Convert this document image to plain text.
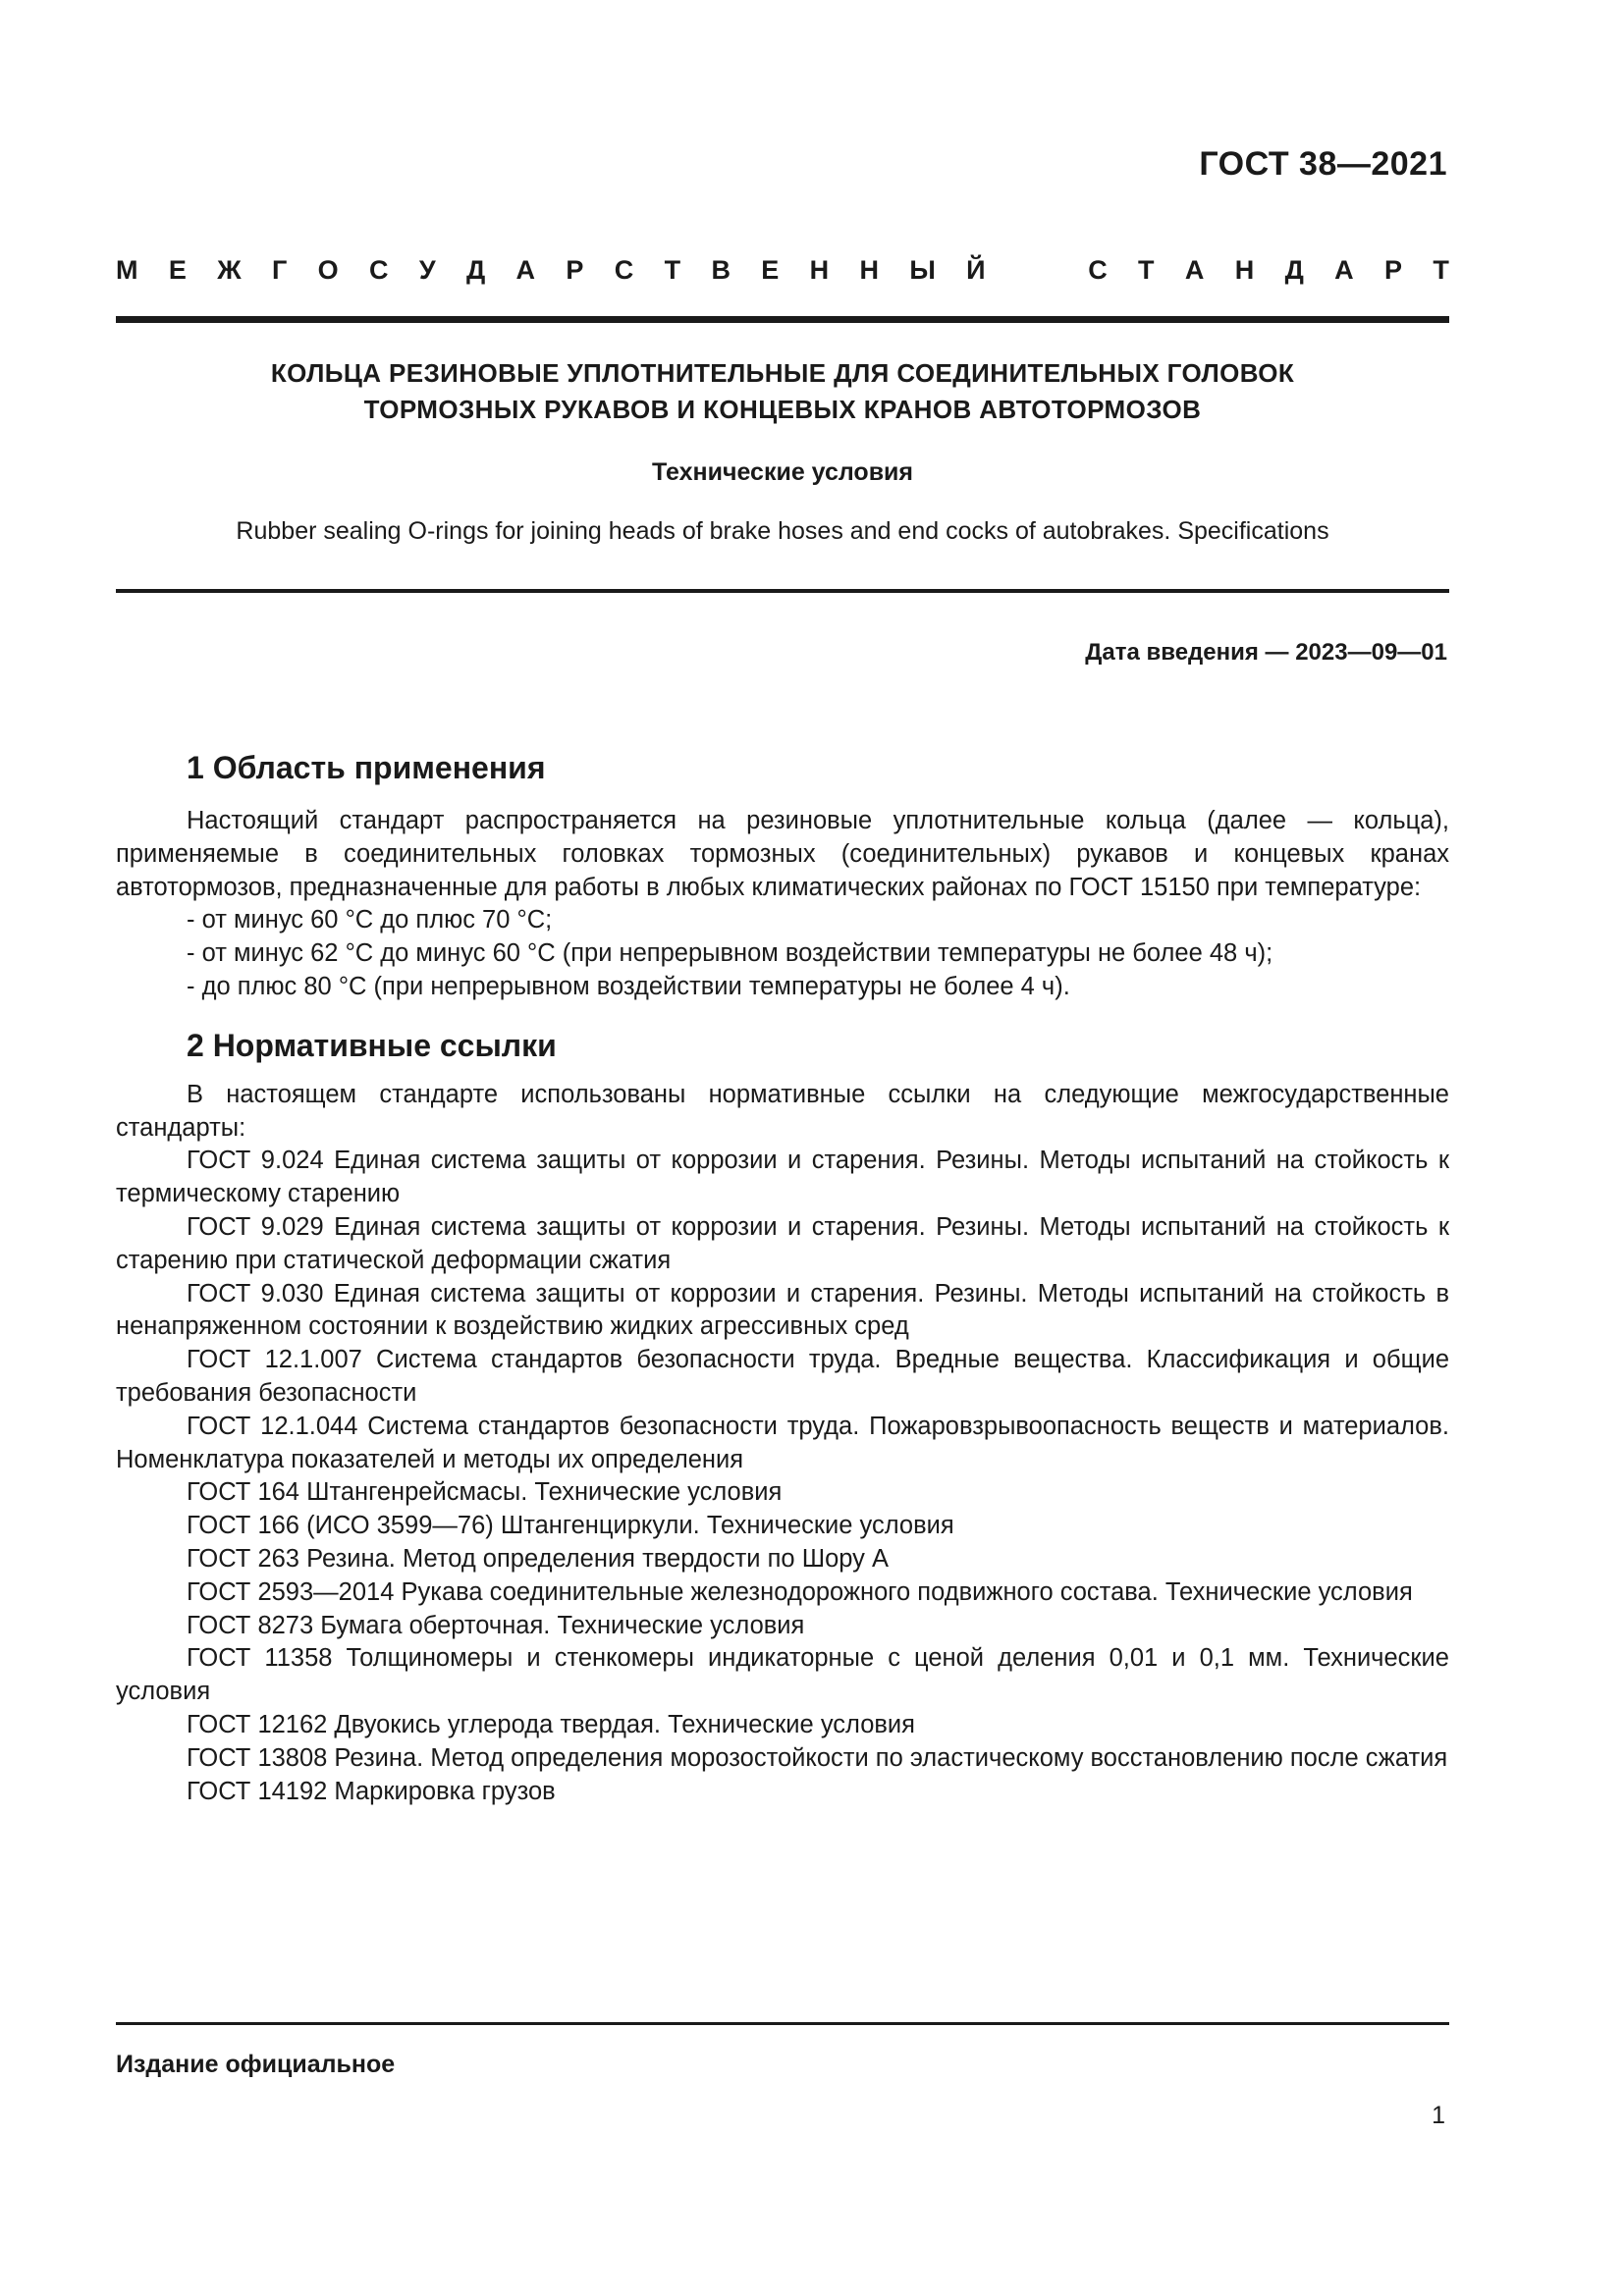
ГОСТ 38—2021
М Е Ж Г О С У Д А Р С Т В Е Н Н Ы Й	С Т А Н Д А Р Т
КОЛЬЦА РЕЗИНОВЫЕ УПЛОТНИТЕЛЬНЫЕ ДЛЯ СОЕДИНИТЕЛЬНЫХ ГОЛОВОК
ТОРМОЗНЫХ РУКАВОВ И КОНЦЕВЫХ КРАНОВ АВТОТОРМОЗОВ
Технические условия
Rubber sealing O-rings for joining heads of brake hoses and end cocks of autobrakes. Specifications
Дата введения — 2023—09—01
1 Область применения

Настоящий стандарт распространяется на резиновые уплотнительные кольца (далее — кольца), применяемые в соединительных головках тормозных (соединительных) рукавов и концевых кранах автотормозов, предназначенные для работы в любых климатических районах по ГОСТ 15150 при температуре:

- от минус 60 °С до плюс 70 °С;

- от минус 62 °С до минус 60 °С (при непрерывном воздействии температуры не более 48 ч);

- до плюс 80 °С (при непрерывном воздействии температуры не более 4 ч).

2 Нормативные ссылки

В настоящем стандарте использованы нормативные ссылки на следующие межгосударственные стандарты:

ГОСТ 9.024 Единая система защиты от коррозии и старения. Резины. Методы испытаний на стойкость к термическому старению

ГОСТ 9.029 Единая система защиты от коррозии и старения. Резины. Методы испытаний на стойкость к старению при статической деформации сжатия

ГОСТ 9.030 Единая система защиты от коррозии и старения. Резины. Методы испытаний на стойкость в ненапряженном состоянии к воздействию жидких агрессивных сред

ГОСТ 12.1.007 Система стандартов безопасности труда. Вредные вещества. Классификация и общие требования безопасности

ГОСТ 12.1.044 Система стандартов безопасности труда. Пожаровзрывоопасность веществ и материалов. Номенклатура показателей и методы их определения

ГОСТ 164 Штангенрейсмасы. Технические условия

ГОСТ 166 (ИСО 3599—76) Штангенциркули. Технические условия

ГОСТ 263 Резина. Метод определения твердости по Шору А

ГОСТ 2593—2014 Рукава соединительные железнодорожного подвижного состава. Технические условия

ГОСТ 8273 Бумага оберточная. Технические условия

ГОСТ 11358 Толщиномеры и стенкомеры индикаторные с ценой деления 0,01 и 0,1 мм. Технические условия

ГОСТ 12162 Двуокись углерода твердая. Технические условия

ГОСТ 13808 Резина. Метод определения морозостойкости по эластическому восстановлению после сжатия

ГОСТ 14192 Маркировка грузов

Издание официальное
1
